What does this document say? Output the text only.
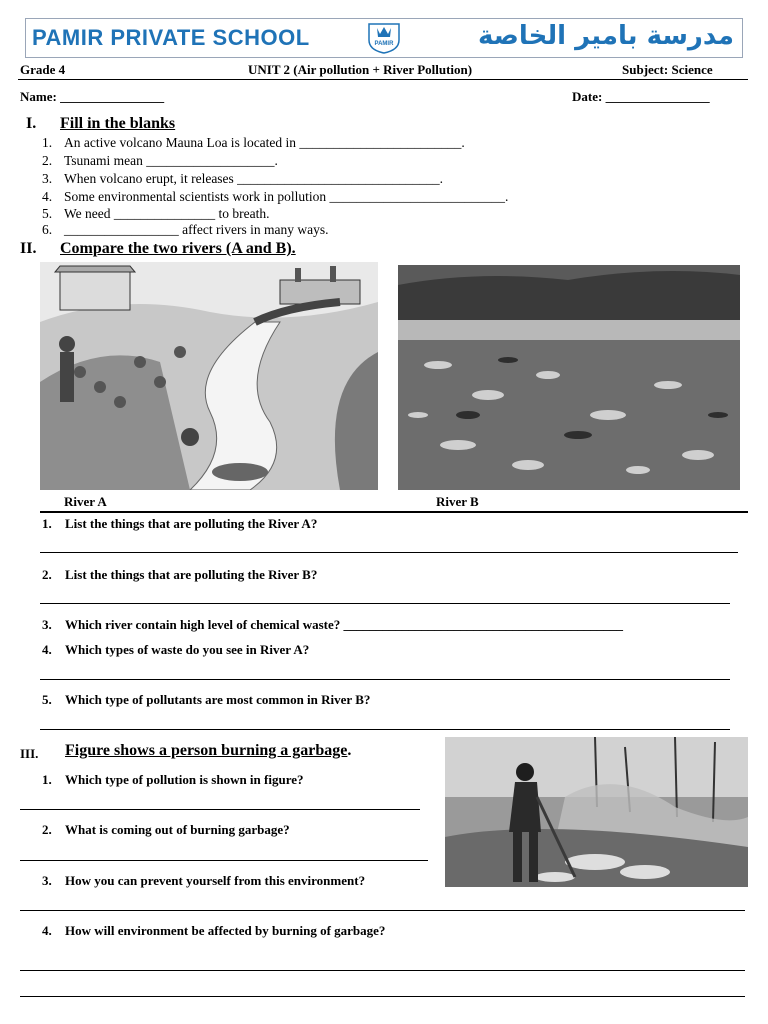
PAMIR PRIVATE SCHOOL	PAMIR	مدرسة بامير الخاصة
Grade 4	UNIT 2 (Air pollution + River Pollution)	Subject: Science
Name: ________________	Date: ________________
I. Fill in the blanks
1. An active volcano Mauna Loa is located in ________________________.
2. Tsunami mean ___________________.
3. When volcano erupt, it releases ______________________________.
4. Some environmental scientists work in pollution __________________________.
5. We need _______________ to breath.
6. _________________ affect rivers in many ways.
II. Compare the two rivers (A and B).
River A	River B
1. List the things that are polluting the River A?
2. List the things that are polluting the River B?
3. Which river contain high level of chemical waste? ___________________________________________
4. Which types of waste do you see in River A?
5. Which type of pollutants are most common in River B?
III. Figure shows a person burning a garbage.
1. Which type of pollution is shown in figure?
2. What is coming out of burning garbage?
3. How you can prevent yourself from this environment?
4. How will environment be affected by burning of garbage?
